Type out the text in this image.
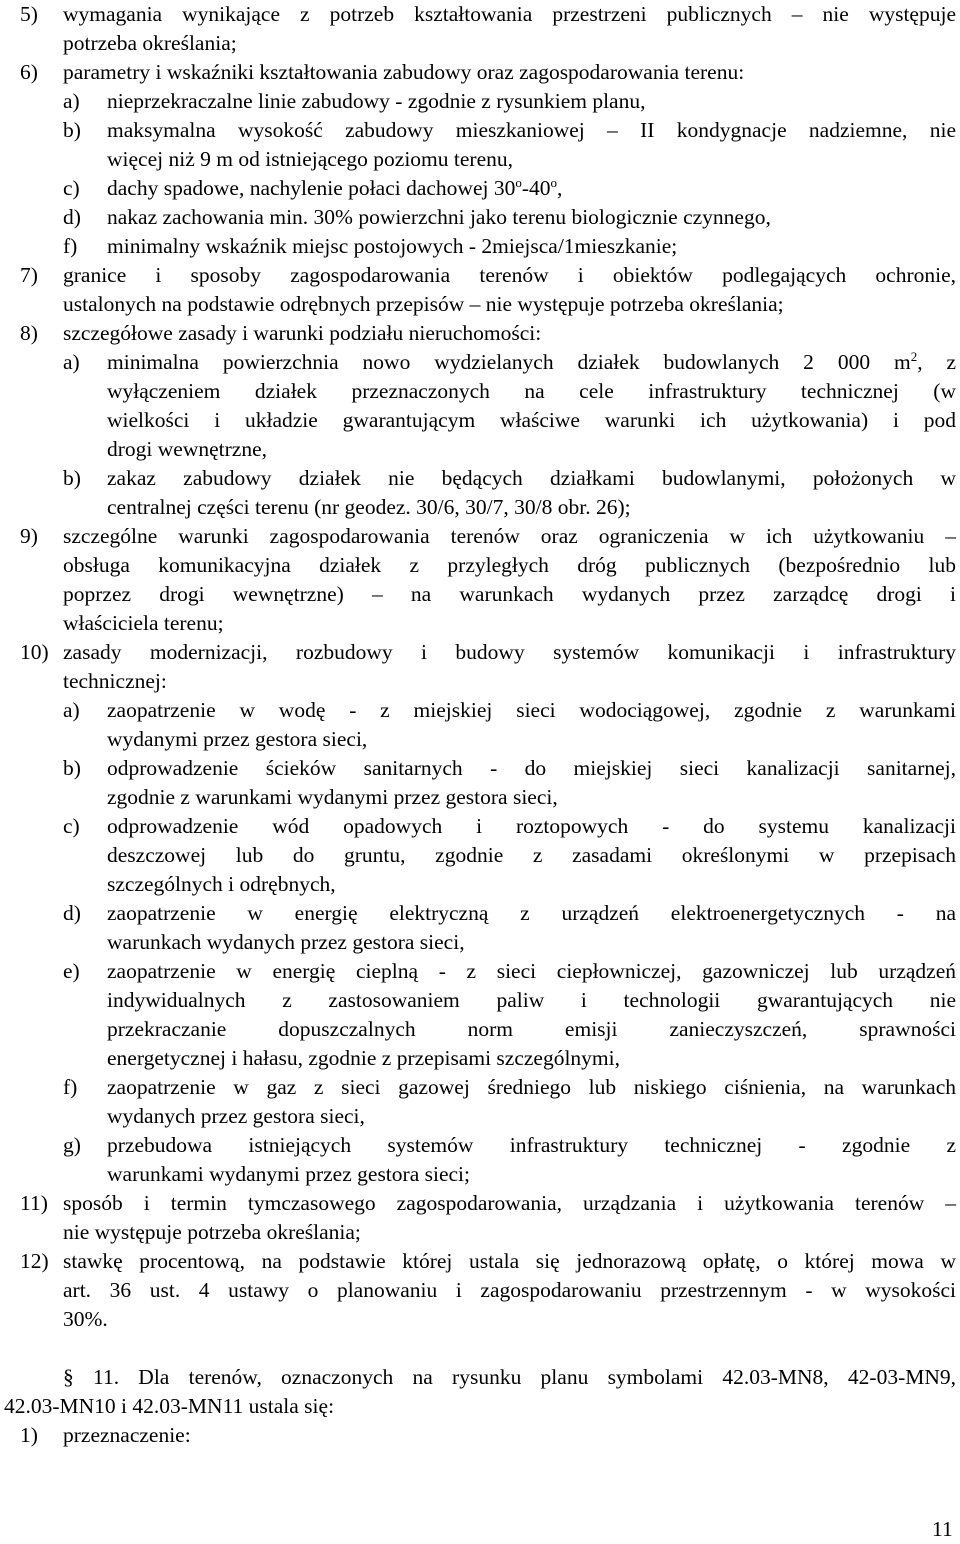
5) wymagania wynikające z potrzeb kształtowania przestrzeni publicznych – nie występuje
potrzeba określania;
6) parametry i wskaźniki kształtowania zabudowy oraz zagospodarowania terenu:
a) nieprzekraczalne linie zabudowy - zgodnie z rysunkiem planu,
b) maksymalna wysokość zabudowy mieszkaniowej – II kondygnacje nadziemne, nie
więcej niż 9 m od istniejącego poziomu terenu,
c) dachy spadowe, nachylenie połaci dachowej 30$^o$-40$^o$,
d) nakaz zachowania min. 30% powierzchni jako terenu biologicznie czynnego,
f) minimalny wskaźnik miejsc postojowych - 2miejsca/1mieszkanie;
7) granice i sposoby zagospodarowania terenów i obiektów podlegających ochronie,
ustalonych na podstawie odrębnych przepisów – nie występuje potrzeba określania;
8) szczegółowe zasady i warunki podziału nieruchomości:
a) minimalna powierzchnia nowo wydzielanych działek budowlanych 2 000 $m^2$, z
wyłączeniem działek przeznaczonych na cele infrastruktury technicznej (w
wielkości i układzie gwarantującym właściwe warunki ich użytkowania) i pod
drogi wewnętrzne,
b) zakaz zabudowy działek nie będących działkami budowlanymi, położonych w
centralnej części terenu (nr geodez. 30/6, 30/7, 30/8 obr. 26);
9) szczególne warunki zagospodarowania terenów oraz ograniczenia w ich użytkowaniu –
obsługa komunikacyjna działek z przyległych dróg publicznych (bezpośrednio lub
poprzez drogi wewnętrzne) – na warunkach wydanych przez zarządcę drogi i
właściciela terenu;
10) zasady modernizacji, rozbudowy i budowy systemów komunikacji i infrastruktury
technicznej:
a) zaopatrzenie w wodę - z miejskiej sieci wodociągowej, zgodnie z warunkami
wydanymi przez gestora sieci,
b) odprowadzenie ścieków sanitarnych - do miejskiej sieci kanalizacji sanitarnej,
zgodnie z warunkami wydanymi przez gestora sieci,
c) odprowadzenie wód opadowych i roztopowych - do systemu kanalizacji
deszczowej lub do gruntu, zgodnie z zasadami określonymi w przepisach
szczególnych i odrębnych,
d) zaopatrzenie w energię elektryczną z urządzeń elektroenergetycznych - na
warunkach wydanych przez gestora sieci,
e) zaopatrzenie w energię cieplną - z sieci ciepłowniczej, gazowniczej lub urządzeń
indywidualnych z zastosowaniem paliw i technologii gwarantujących nie
przekraczanie dopuszczalnych norm emisji zanieczyszczeń, sprawności
energetycznej i hałasu, zgodnie z przepisami szczególnymi,
f) zaopatrzenie w gaz z sieci gazowej średniego lub niskiego ciśnienia, na warunkach
wydanych przez gestora sieci,
g) przebudowa istniejących systemów infrastruktury technicznej - zgodnie z
warunkami wydanymi przez gestora sieci;
11) sposób i termin tymczasowego zagospodarowania, urządzania i użytkowania terenów –
nie występuje potrzeba określania;
12) stawkę procentową, na podstawie której ustala się jednorazową opłatę, o której mowa w
art. 36 ust. 4 ustawy o planowaniu i zagospodarowaniu przestrzennym - w wysokości
30%.
§ 11. Dla terenów, oznaczonych na rysunku planu symbolami 42.03-MN8, 42-03-MN9,
42.03-MN10 i 42.03-MN11 ustala się:
1) przeznaczenie:
11
